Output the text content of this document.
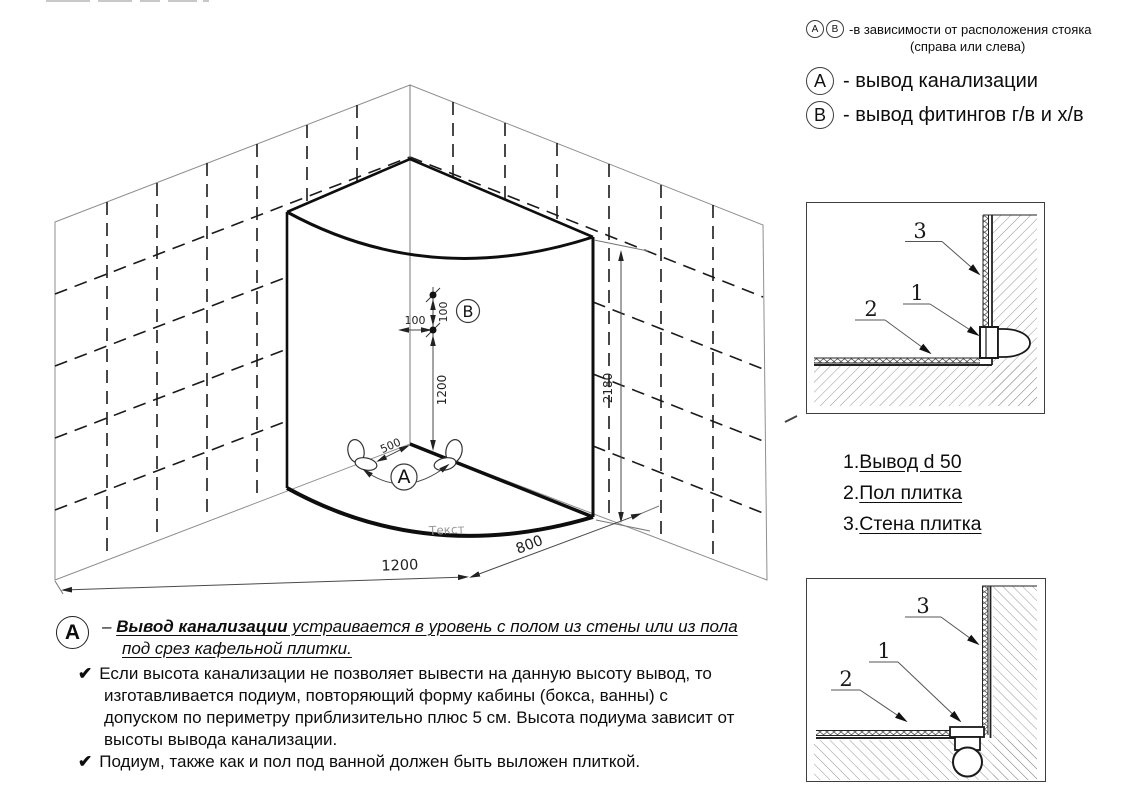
А
В
100
100
1200	2180
500
1200
800
Текст
А В -в зависимости от расположения стояка
(справа или слева)
А - вывод канализации
В - вывод фитингов г/в и х/в
3
1
2
1.Вывод d 50
2.Пол плитка
3.Стена плитка
3
1
2
А – Вывод канализации устраивается в уровень с полом из стены или из пола
под срез кафельной плитки.
✔ Если высота канализации не позволяет вывести на данную высоту вывод, то
изготавливается подиум, повторяющий форму кабины (бокса, ванны) с
допуском по периметру приблизительно плюс 5 см. Высота подиума зависит от
высоты вывода канализации.
✔ Подиум, также как и пол под ванной должен быть выложен плиткой.
